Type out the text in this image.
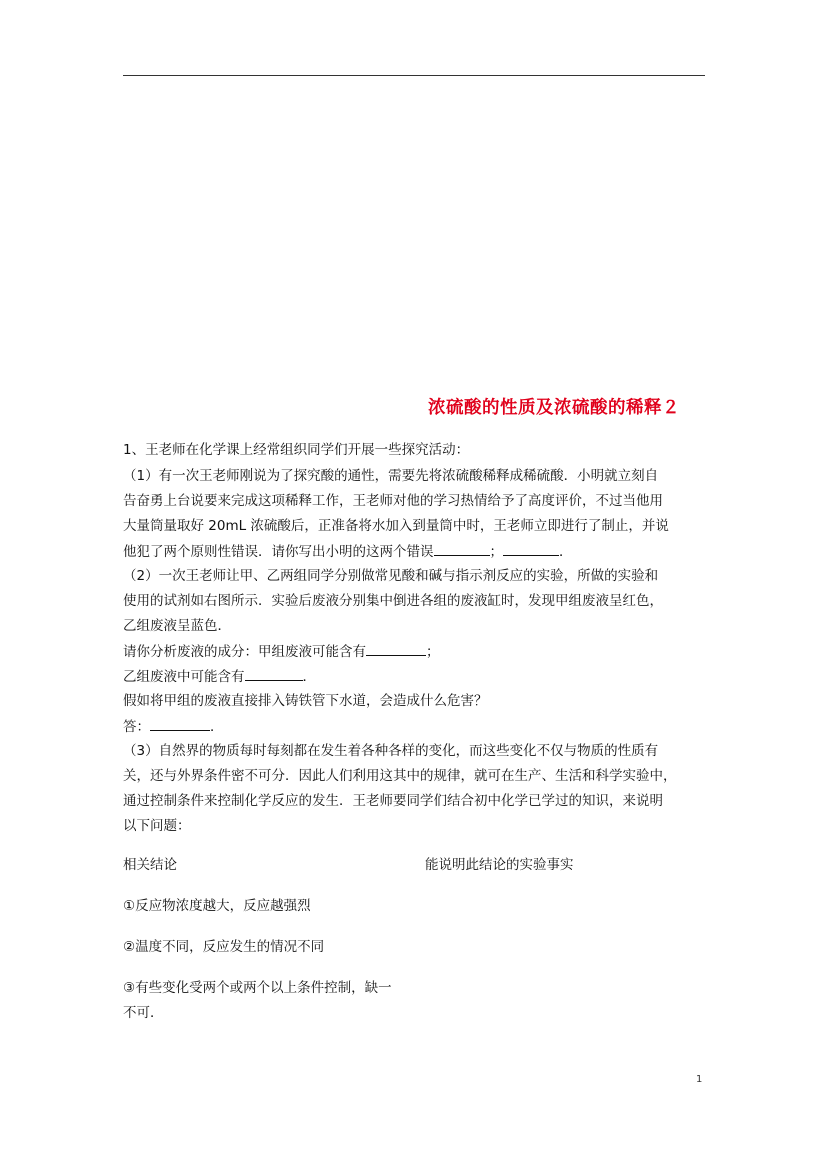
浓硫酸的性质及浓硫酸的稀释２
1、王老师在化学课上经常组织同学们开展一些探究活动：
（1）有一次王老师刚说为了探究酸的通性，需要先将浓硫酸稀释成稀硫酸．小明就立刻自
告奋勇上台说要来完成这项稀释工作，王老师对他的学习热情给予了高度评价，不过当他用
大量筒量取好 20mL 浓硫酸后，正准备将水加入到量筒中时，王老师立即进行了制止，并说
他犯了两个原则性错误．请你写出小明的这两个错误	；	．
（2）一次王老师让甲、乙两组同学分别做常见酸和碱与指示剂反应的实验，所做的实验和
使用的试剂如右图所示．实验后废液分别集中倒进各组的废液缸时，发现甲组废液呈红色，
乙组废液呈蓝色．
请你分析废液的成分：甲组废液可能含有	；
乙组废液中可能含有	．
假如将甲组的废液直接排入铸铁管下水道，会造成什么危害？
答：	．
（3）自然界的物质每时每刻都在发生着各种各样的变化，而这些变化不仅与物质的性质有
关，还与外界条件密不可分．因此人们利用这其中的规律，就可在生产、生活和科学实验中，
通过控制条件来控制化学反应的发生．王老师要同学们结合初中化学已学过的知识，来说明
以下问题：
相关结论	能说明此结论的实验事实
①反应物浓度越大，反应越强烈
②温度不同，反应发生的情况不同
③有些变化受两个或两个以上条件控制，缺一
不可．
1
